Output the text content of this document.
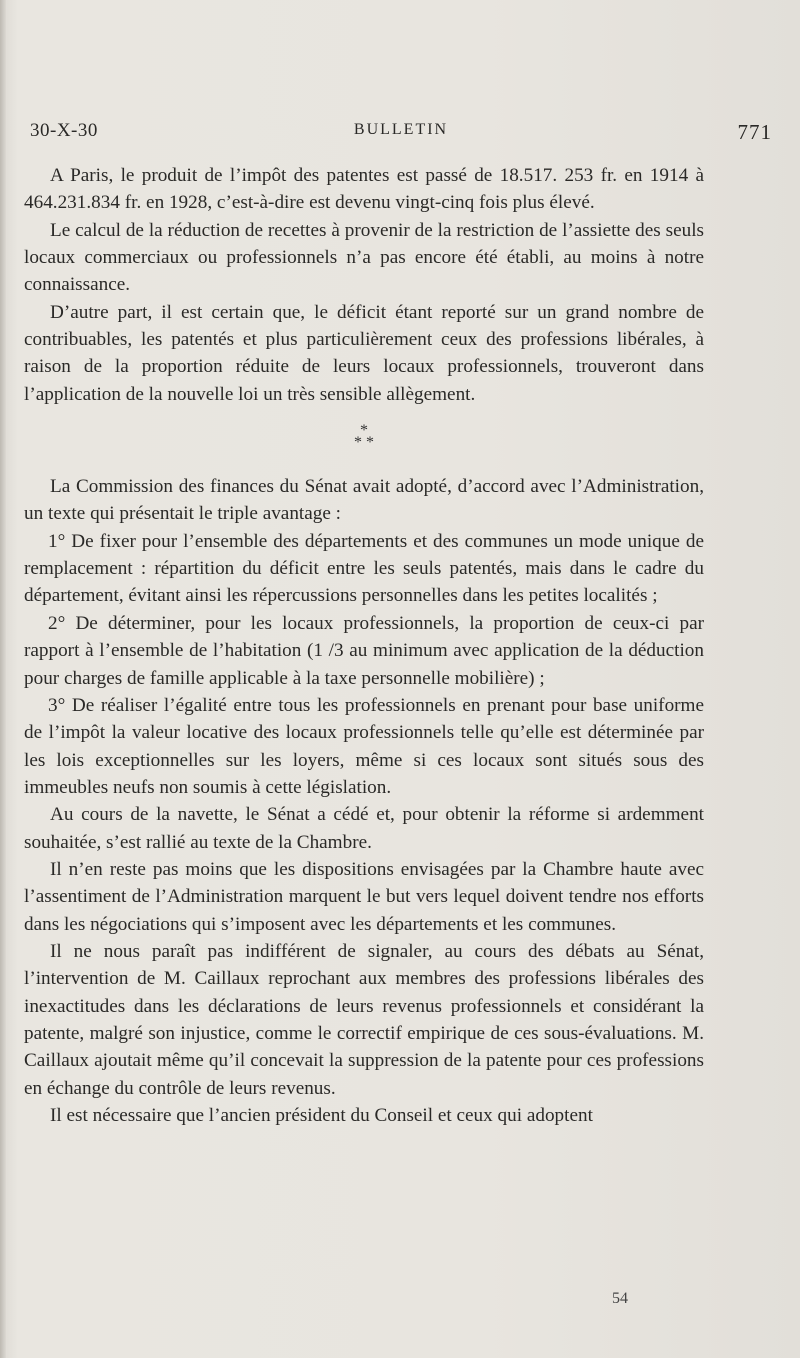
30-X-30	BULLETIN	771

A Paris, le produit de l’impôt des patentes est passé de 18.517. 253 fr. en 1914 à 464.231.834 fr. en 1928, c’est-à-dire est devenu vingt-cinq fois plus élevé.

Le calcul de la réduction de recettes à provenir de la restriction de l’assiette des seuls locaux commerciaux ou professionnels n’a pas encore été établi, au moins à notre connaissance.

D’autre part, il est certain que, le déficit étant reporté sur un grand nombre de contribuables, les patentés et plus particulièrement ceux des professions libérales, à raison de la proportion réduite de leurs locaux professionnels, trouveront dans l’application de la nouvelle loi un très sensible allègement.

*
* *

La Commission des finances du Sénat avait adopté, d’accord avec l’Administration, un texte qui présentait le triple avantage :

1° De fixer pour l’ensemble des départements et des communes un mode unique de remplacement : répartition du déficit entre les seuls patentés, mais dans le cadre du département, évitant ainsi les répercussions personnelles dans les petites localités ;

2° De déterminer, pour les locaux professionnels, la proportion de ceux-ci par rapport à l’ensemble de l’habitation (1 /3 au minimum avec application de la déduction pour charges de famille applicable à la taxe personnelle mobilière) ;

3° De réaliser l’égalité entre tous les professionnels en prenant pour base uniforme de l’impôt la valeur locative des locaux professionnels telle qu’elle est déterminée par les lois exceptionnelles sur les loyers, même si ces locaux sont situés sous des immeubles neufs non soumis à cette législation.

Au cours de la navette, le Sénat a cédé et, pour obtenir la réforme si ardemment souhaitée, s’est rallié au texte de la Chambre.

Il n’en reste pas moins que les dispositions envisagées par la Chambre haute avec l’assentiment de l’Administration marquent le but vers lequel doivent tendre nos efforts dans les négociations qui s’imposent avec les départements et les communes.

Il ne nous paraît pas indifférent de signaler, au cours des débats au Sénat, l’intervention de M. Caillaux reprochant aux membres des professions libérales des inexactitudes dans les déclarations de leurs revenus professionnels et considérant la patente, malgré son injustice, comme le correctif empirique de ces sous-évaluations. M. Caillaux ajoutait même qu’il concevait la suppression de la patente pour ces professions en échange du contrôle de leurs revenus.

Il est nécessaire que l’ancien président du Conseil et ceux qui adoptent

54
